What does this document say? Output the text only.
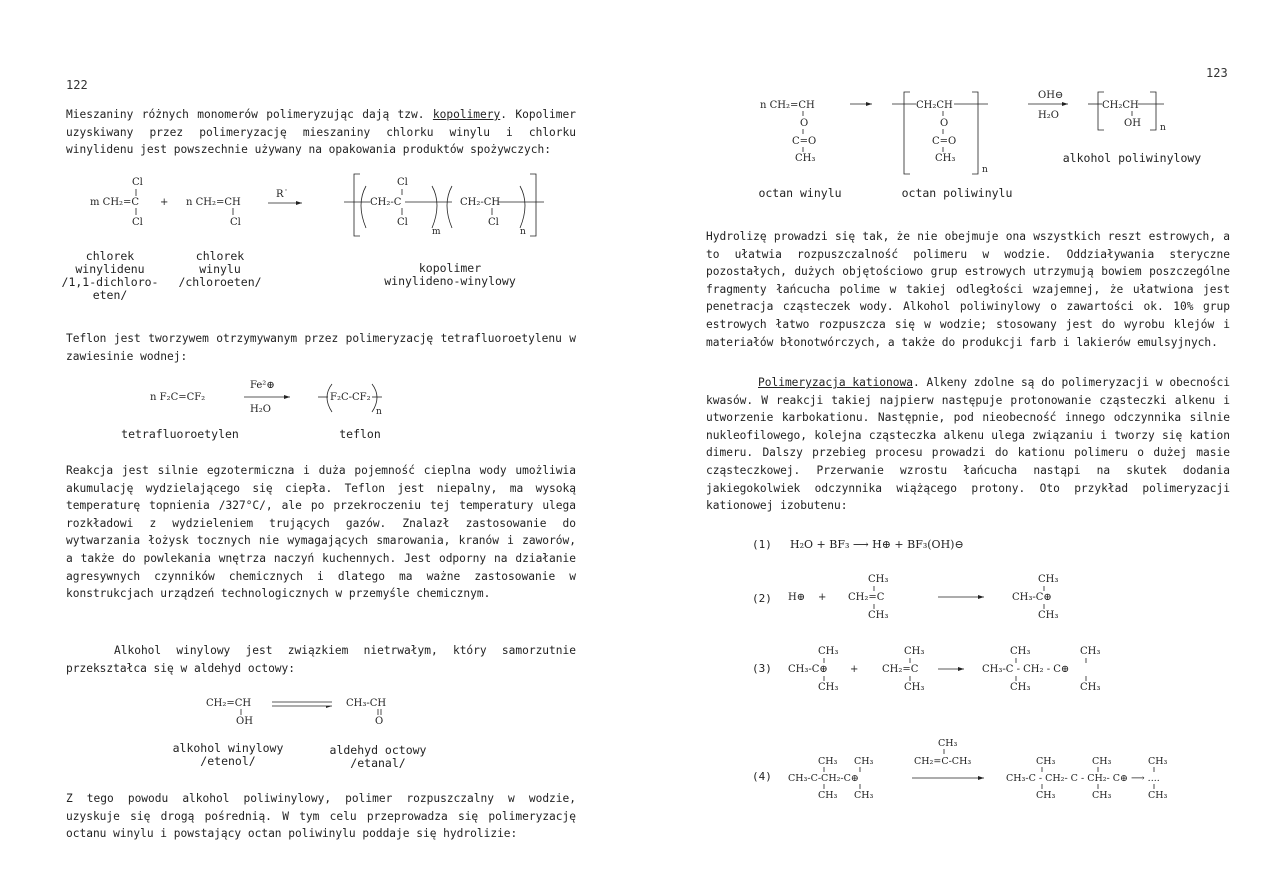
122
Mieszaniny różnych monomerów polimeryzując dają tzw. kopolimery. Kopolimer uzyskiwany przez polimeryzację mieszaniny chlorku winylu i chlorku winylidenu jest powszechnie używany na opakowania produktów spożywczych:
Cl
m CH₂=C
Cl
+ n CH₂=CH
Cl
R˙
CH₂-C
Cl
Cl
m
CH₂-CH
Cl
n
chlorek
winylidenu
/1,1-dichloro-
eten/
chlorek
winylu
/chloroeten/
kopolimer
winylideno-winylowy
Teflon jest tworzywem otrzymywanym przez polimeryzację tetrafluoroetylenu w zawiesinie wodnej:
n F₂C=CF₂
Fe²⊕
H₂O
F₂C-CF₂
n
tetrafluoroetylen	teflon
Reakcja jest silnie egzotermiczna i duża pojemność cieplna wody umożliwia akumulację wydzielającego się ciepła. Teflon jest niepalny, ma wysoką temperaturę topnienia /327°C/, ale po przekroczeniu tej temperatury ulega rozkładowi z wydzieleniem trujących gazów. Znalazł zastosowanie do wytwarzania łożysk tocznych nie wymagających smarowania, kranów i zaworów, a także do powlekania wnętrza naczyń kuchennych. Jest odporny na działanie agresywnych czynników chemicznych i dlatego ma ważne zastosowanie w konstrukcjach urządzeń technologicznych w przemyśle chemicznym.
Alkohol winylowy jest związkiem nietrwałym, który samorzutnie przekształca się w aldehyd octowy:
CH₂=CH
OH
CH₃-CH
O
alkohol winylowy
/etenol/
aldehyd octowy
/etanal/
Z tego powodu alkohol poliwinylowy, polimer rozpuszczalny w wodzie, uzyskuje się drogą pośrednią. W tym celu przeprowadza się polimeryzację octanu winylu i powstający octan poliwinylu poddaje się hydrolizie:
123
n CH₂=CH
O
C=O
CH₃
CH₂CH
O
C=O
CH₃
n
OH⊖
H₂O
CH₂CH
OH n
alkohol poliwinylowy
octan winylu	octan poliwinylu
Hydrolizę prowadzi się tak, że nie obejmuje ona wszystkich reszt estrowych, a to ułatwia rozpuszczalność polimeru w wodzie. Oddziaływania steryczne pozostałych, dużych objętościowo grup estrowych utrzymują bowiem poszczególne fragmenty łańcucha polime w takiej odległości wzajemnej, że ułatwiona jest penetracja cząsteczek wody. Alkohol poliwinylowy o zawartości ok. 10% grup estrowych łatwo rozpuszcza się w wodzie; stosowany jest do wyrobu klejów i materiałów błonotwórczych, a także do produkcji farb i lakierów emulsyjnych.
Polimeryzacja kationowa. Alkeny zdolne są do polimeryzacji w obecności kwasów. W reakcji takiej najpierw następuje protonowanie cząsteczki alkenu i utworzenie karbokationu. Następnie, pod nieobecność innego odczynnika silnie nukleofilowego, kolejna cząsteczka alkenu ulega związaniu i tworzy się kation dimeru. Dalszy przebieg procesu prowadzi do kationu polimeru o dużej masie cząsteczkowej. Przerwanie wzrostu łańcucha nastąpi na skutek dodania jakiegokolwiek odczynnika wiążącego protony. Oto przykład polimeryzacji kationowej izobutenu:
(1) H₂O + BF₃ ⟶ H⊕ + BF₃(OH)⊖
(2) H⊕ +
CH₃
CH₂=C
CH₃
CH₃
CH₃-C⊕
CH₃
(3)
CH₃
CH₃-C⊕
CH₃
+
CH₃
CH₂=C
CH₃
CH₃
CH₃-C - CH₂ - C⊕
CH₃
CH₃
CH₃
(4)
CH₃ CH₃
CH₃-C-CH₂-C⊕
CH₃ CH₃
CH₃
CH₂=C-CH₃	CH₃	CH₃	CH₃
CH₃-C - CH₂- C - CH₂- C⊕ ⟶ ....
CH₃	CH₃	CH₃
